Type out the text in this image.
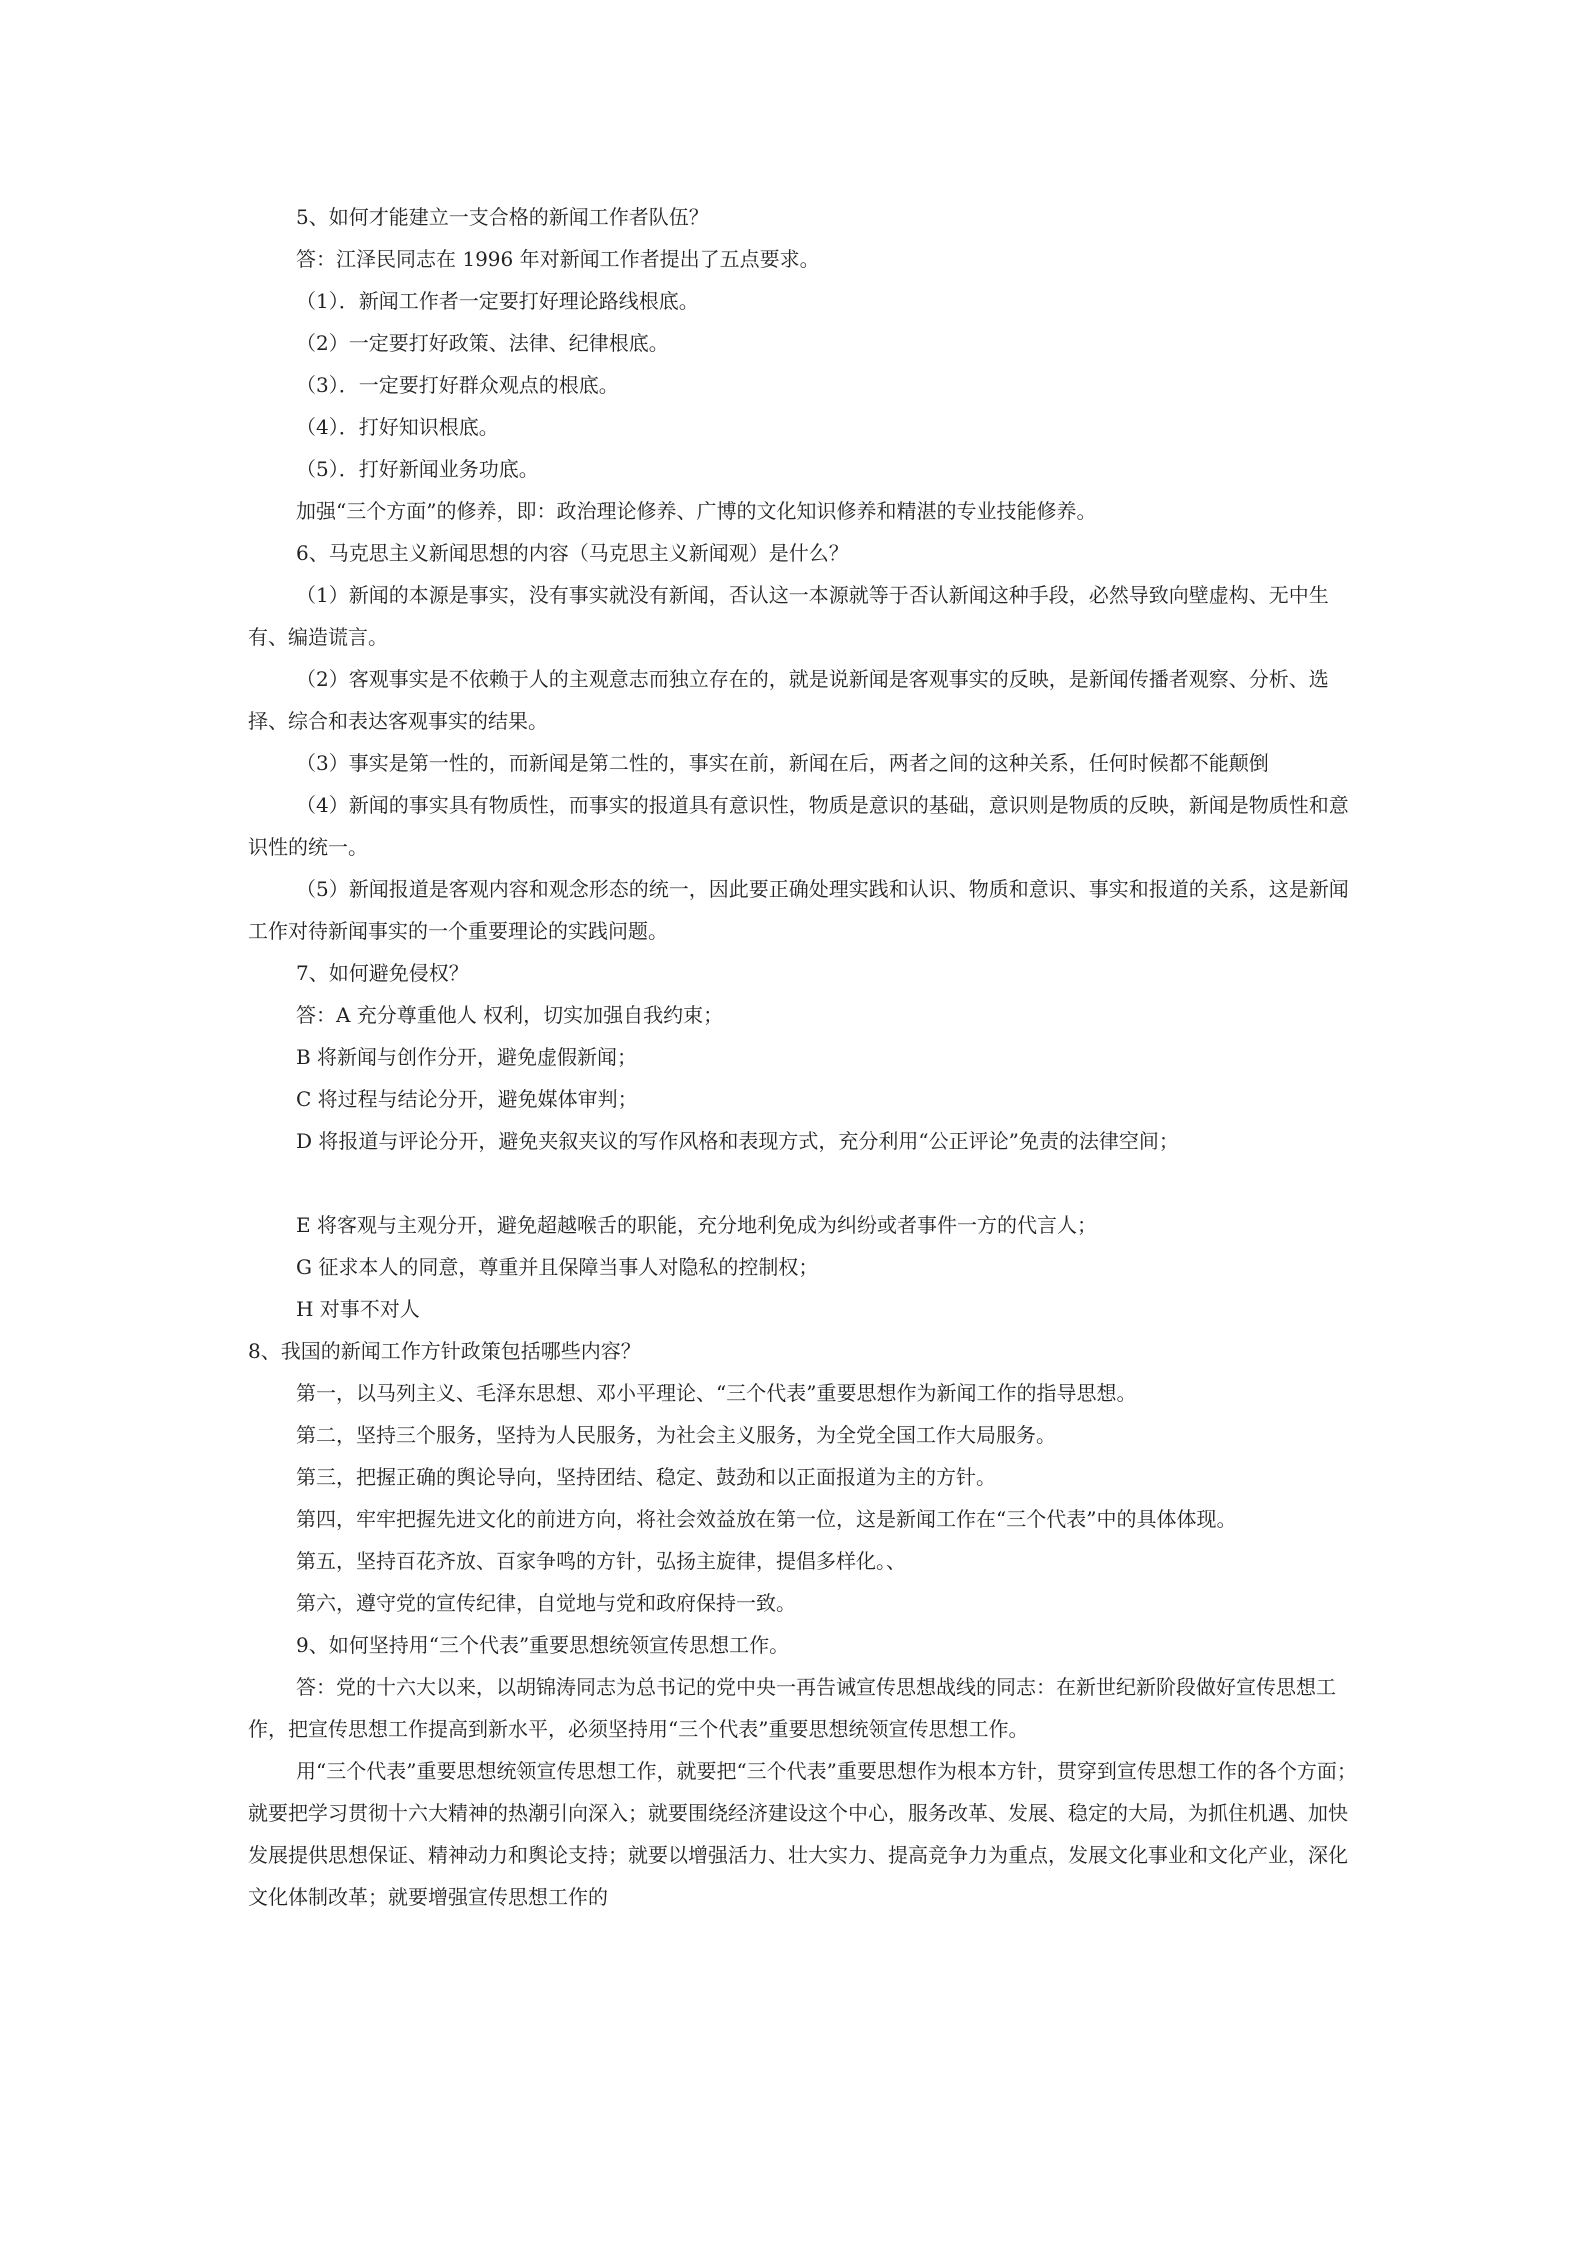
5、如何才能建立一支合格的新闻工作者队伍？

答：江泽民同志在 1996 年对新闻工作者提出了五点要求。

（1）．新闻工作者一定要打好理论路线根底。

（2）一定要打好政策、法律、纪律根底。

（3）．一定要打好群众观点的根底。

（4）．打好知识根底。

（5）．打好新闻业务功底。

加强“三个方面”的修养，即：政治理论修养、广博的文化知识修养和精湛的专业技能修养。

6、马克思主义新闻思想的内容（马克思主义新闻观）是什么？

（1）新闻的本源是事实，没有事实就没有新闻，否认这一本源就等于否认新闻这种手段，必然导致向壁虚构、无中生有、编造谎言。

（2）客观事实是不依赖于人的主观意志而独立存在的，就是说新闻是客观事实的反映，是新闻传播者观察、分析、选择、综合和表达客观事实的结果。

（3）事实是第一性的，而新闻是第二性的，事实在前，新闻在后，两者之间的这种关系，任何时候都不能颠倒

（4）新闻的事实具有物质性，而事实的报道具有意识性，物质是意识的基础，意识则是物质的反映，新闻是物质性和意识性的统一。

（5）新闻报道是客观内容和观念形态的统一，因此要正确处理实践和认识、物质和意识、事实和报道的关系，这是新闻工作对待新闻事实的一个重要理论的实践问题。

7、如何避免侵权？

答：A 充分尊重他人 权利，切实加强自我约束；

B 将新闻与创作分开，避免虚假新闻；

C 将过程与结论分开，避免媒体审判；

D 将报道与评论分开，避免夹叙夹议的写作风格和表现方式，充分利用“公正评论”免责的法律空间；

E 将客观与主观分开，避免超越喉舌的职能，充分地利免成为纠纷或者事件一方的代言人；

G 征求本人的同意，尊重并且保障当事人对隐私的控制权；

H 对事不对人

8、我国的新闻工作方针政策包括哪些内容？

第一，以马列主义、毛泽东思想、邓小平理论、“三个代表”重要思想作为新闻工作的指导思想。

第二，坚持三个服务，坚持为人民服务，为社会主义服务，为全党全国工作大局服务。

第三，把握正确的舆论导向，坚持团结、稳定、鼓劲和以正面报道为主的方针。

第四，牢牢把握先进文化的前进方向，将社会效益放在第一位，这是新闻工作在“三个代表”中的具体体现。

第五，坚持百花齐放、百家争鸣的方针，弘扬主旋律，提倡多样化。、

第六，遵守党的宣传纪律，自觉地与党和政府保持一致。

9、如何坚持用“三个代表”重要思想统领宣传思想工作。

答：党的十六大以来，以胡锦涛同志为总书记的党中央一再告诫宣传思想战线的同志：在新世纪新阶段做好宣传思想工作，把宣传思想工作提高到新水平，必须坚持用“三个代表”重要思想统领宣传思想工作。

用“三个代表”重要思想统领宣传思想工作，就要把“三个代表”重要思想作为根本方针，贯穿到宣传思想工作的各个方面；就要把学习贯彻十六大精神的热潮引向深入；就要围绕经济建设这个中心，服务改革、发展、稳定的大局，为抓住机遇、加快发展提供思想保证、精神动力和舆论支持；就要以增强活力、壮大实力、提高竞争力为重点，发展文化事业和文化产业，深化文化体制改革；就要增强宣传思想工作的
